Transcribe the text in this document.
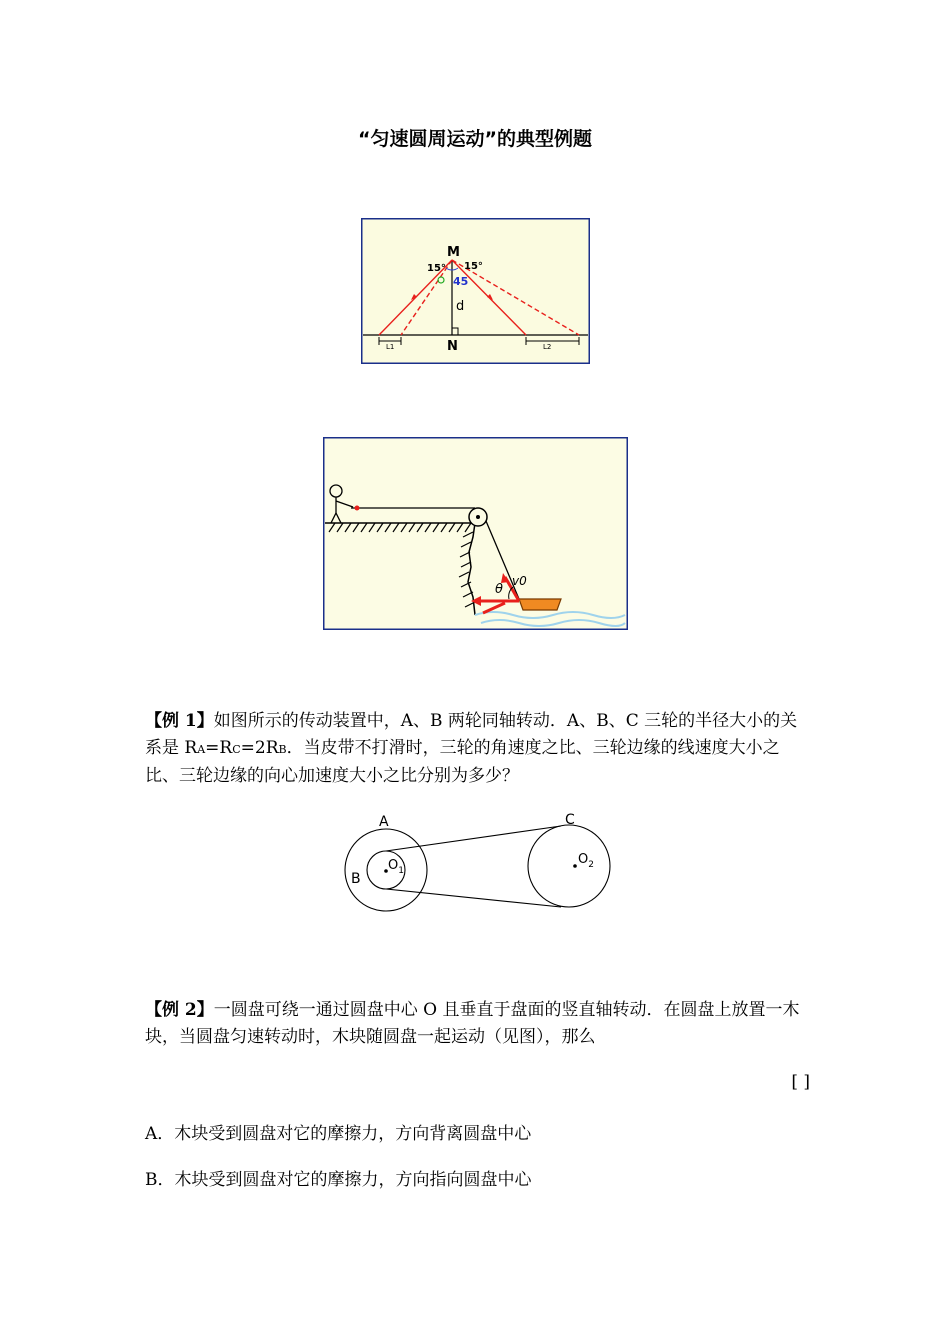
“匀速圆周运动”的典型例题
M
15° 15°
45
d
N
L1	L2
θ
v0
【例 1】如图所示的传动装置中，A、B 两轮同轴转动．A、B、C 三轮的半径大小的关系是 RA=RC=2RB．当皮带不打滑时，三轮的角速度之比、三轮边缘的线速度大小之比、三轮边缘的向心加速度大小之比分别为多少？
A
B
C
$O_1$
$O_2$
【例 2】一圆盘可绕一通过圆盘中心 O 且垂直于盘面的竖直轴转动．在圆盘上放置一木块，当圆盘匀速转动时，木块随圆盘一起运动（见图），那么
[ ]
A．木块受到圆盘对它的摩擦力，方向背离圆盘中心
B．木块受到圆盘对它的摩擦力，方向指向圆盘中心
